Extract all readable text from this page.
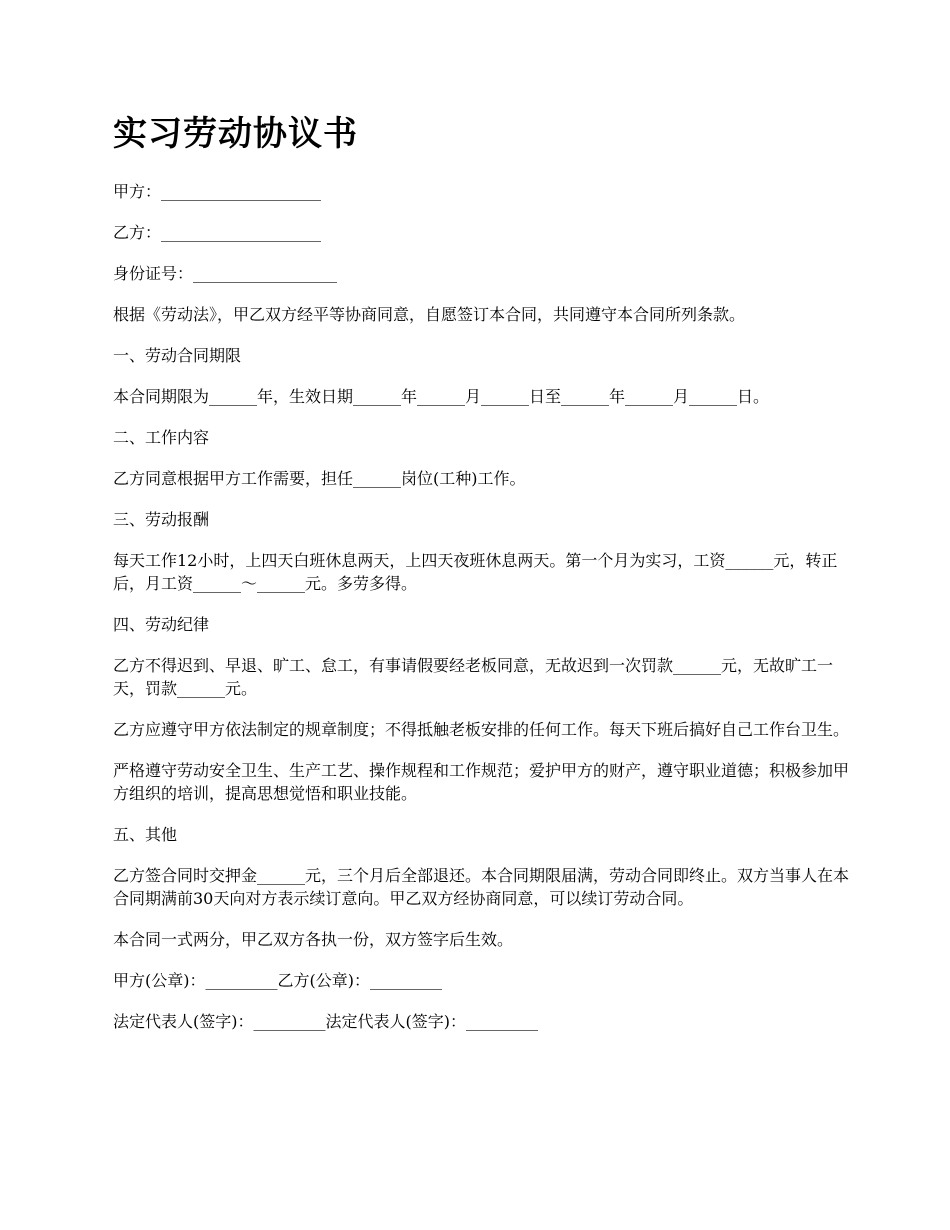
实习劳动协议书

甲方：____________________

乙方：____________________

身份证号：__________________

根据《劳动法》，甲乙双方经平等协商同意，自愿签订本合同，共同遵守本合同所列条款。

一、劳动合同期限

本合同期限为______年，生效日期______年______月______日至______年______月______日。

二、工作内容

乙方同意根据甲方工作需要，担任______岗位(工种)工作。

三、劳动报酬

每天工作12小时，上四天白班休息两天，上四天夜班休息两天。第一个月为实习，工资______元，转正后，月工资______～______元。多劳多得。

四、劳动纪律

乙方不得迟到、早退、旷工、怠工，有事请假要经老板同意，无故迟到一次罚款______元，无故旷工一天，罚款______元。

乙方应遵守甲方依法制定的规章制度；不得抵触老板安排的任何工作。每天下班后搞好自己工作台卫生。

严格遵守劳动安全卫生、生产工艺、操作规程和工作规范；爱护甲方的财产，遵守职业道德；积极参加甲方组织的培训，提高思想觉悟和职业技能。

五、其他

乙方签合同时交押金______元，三个月后全部退还。本合同期限届满，劳动合同即终止。双方当事人在本合同期满前30天向对方表示续订意向。甲乙双方经协商同意，可以续订劳动合同。

本合同一式两分，甲乙双方各执一份，双方签字后生效。

甲方(公章)：_________乙方(公章)：_________

法定代表人(签字)：_________法定代表人(签字)：_________
